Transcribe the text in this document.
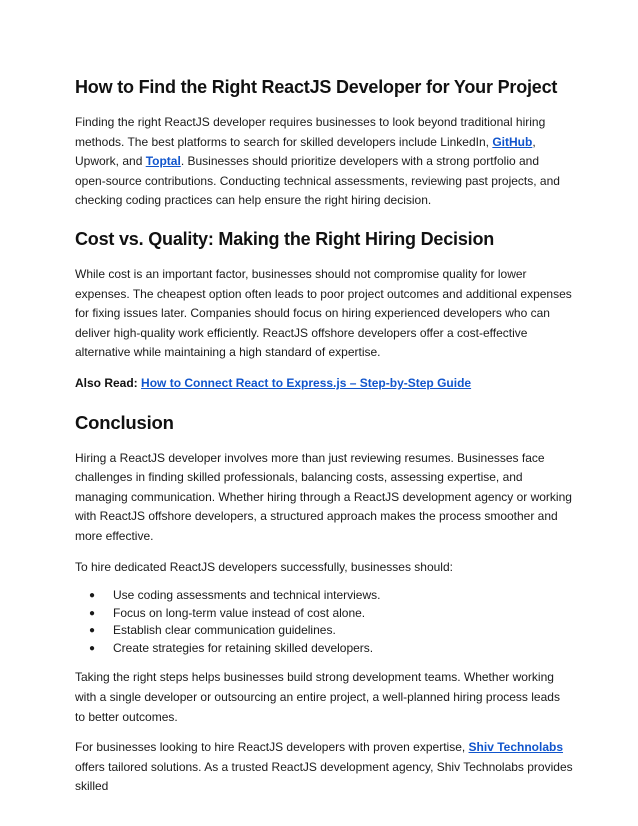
How to Find the Right ReactJS Developer for Your Project

Finding the right ReactJS developer requires businesses to look beyond traditional hiring methods. The best platforms to search for skilled developers include LinkedIn, GitHub, Upwork, and Toptal. Businesses should prioritize developers with a strong portfolio and open-source contributions. Conducting technical assessments, reviewing past projects, and checking coding practices can help ensure the right hiring decision.

Cost vs. Quality: Making the Right Hiring Decision

While cost is an important factor, businesses should not compromise quality for lower expenses. The cheapest option often leads to poor project outcomes and additional expenses for fixing issues later. Companies should focus on hiring experienced developers who can deliver high-quality work efficiently. ReactJS offshore developers offer a cost-effective alternative while maintaining a high standard of expertise.

Also Read: How to Connect React to Express.js – Step-by-Step Guide

Conclusion

Hiring a ReactJS developer involves more than just reviewing resumes. Businesses face challenges in finding skilled professionals, balancing costs, assessing expertise, and managing communication. Whether hiring through a ReactJS development agency or working with ReactJS offshore developers, a structured approach makes the process smoother and more effective.

To hire dedicated ReactJS developers successfully, businesses should:

● Use coding assessments and technical interviews.
● Focus on long-term value instead of cost alone.
● Establish clear communication guidelines.
● Create strategies for retaining skilled developers.

Taking the right steps helps businesses build strong development teams. Whether working with a single developer or outsourcing an entire project, a well-planned hiring process leads to better outcomes.

For businesses looking to hire ReactJS developers with proven expertise, Shiv Technolabs offers tailored solutions. As a trusted ReactJS development agency, Shiv Technolabs provides skilled
